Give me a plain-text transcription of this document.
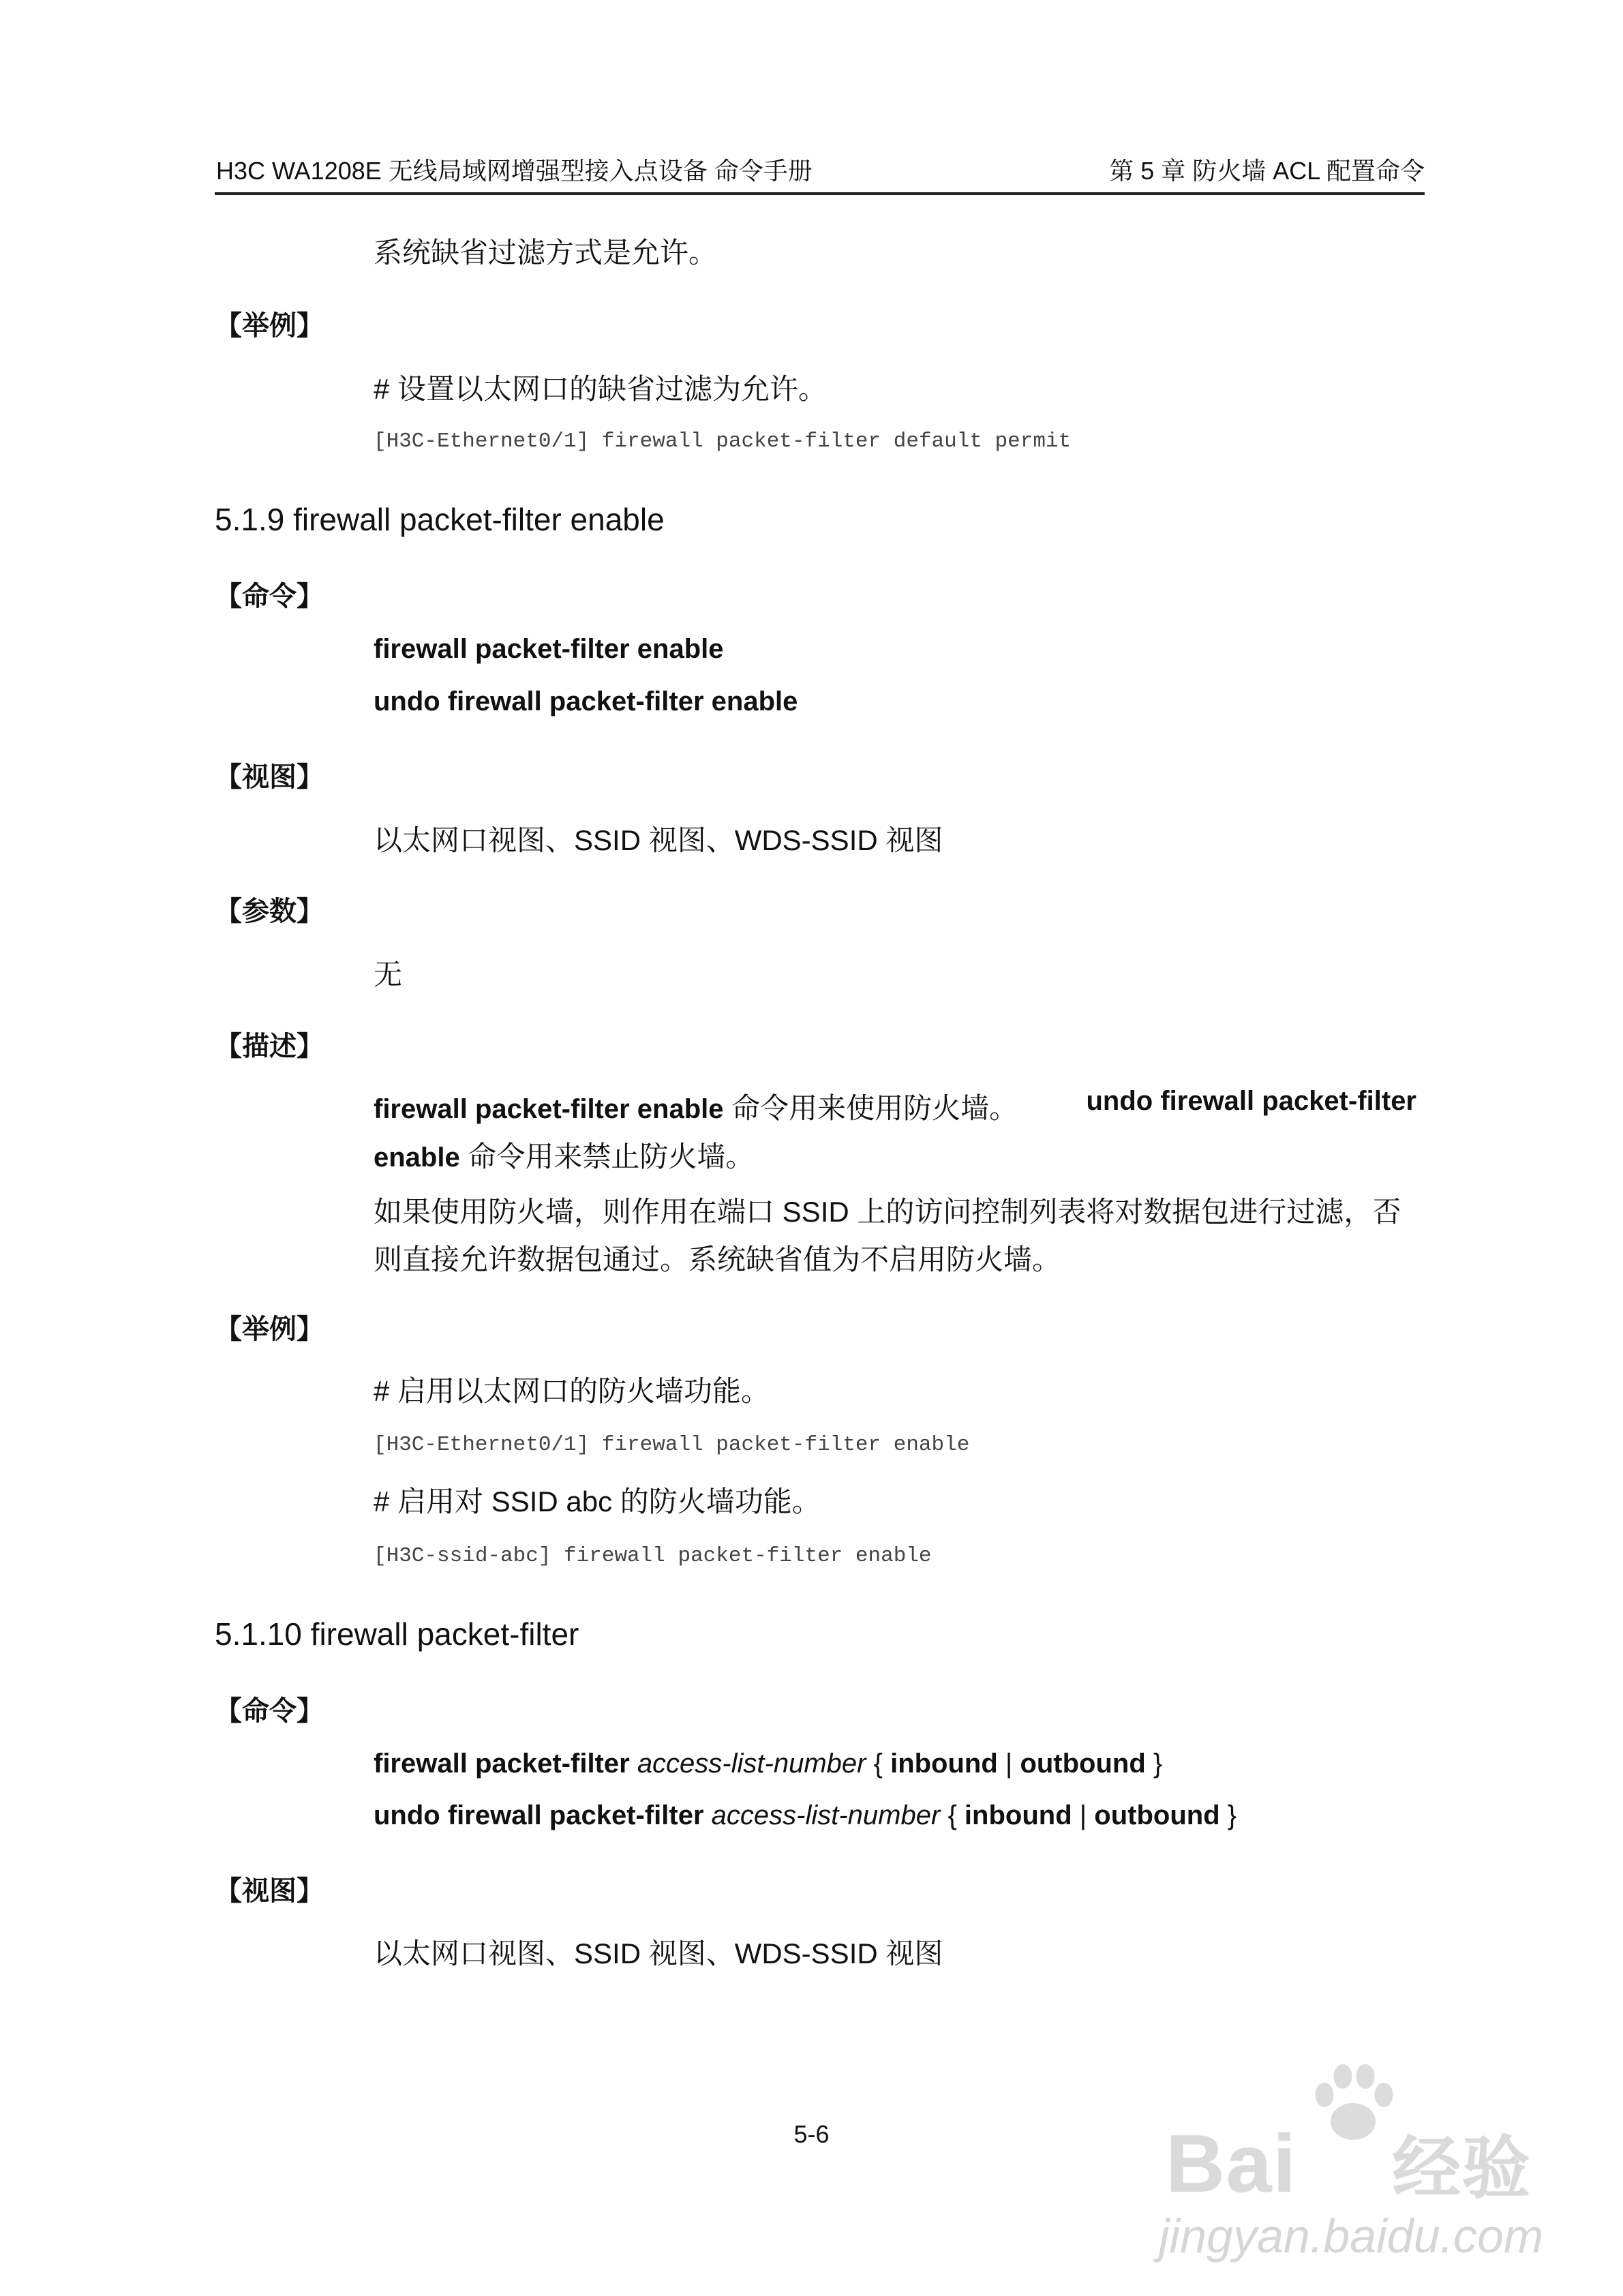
H3C WA1208E 无线局域网增强型接入点设备 命令手册	第 5 章 防火墙 ACL 配置命令
系统缺省过滤方式是允许。
【举例】
# 设置以太网口的缺省过滤为允许。
[H3C-Ethernet0/1] firewall packet-filter default permit
5.1.9 firewall packet-filter enable
【命令】
firewall packet-filter enable
undo firewall packet-filter enable
【视图】
以太网口视图、SSID 视图、WDS-SSID 视图
【参数】
无
【描述】
firewall packet-filter enable 命令用来使用防火墙。	undo firewall packet-filter
enable 命令用来禁止防火墙。
如果使用防火墙，则作用在端口 SSID 上的访问控制列表将对数据包进行过滤，否
则直接允许数据包通过。系统缺省值为不启用防火墙。
【举例】
# 启用以太网口的防火墙功能。
[H3C-Ethernet0/1] firewall packet-filter enable
# 启用对 SSID abc 的防火墙功能。
[H3C-ssid-abc] firewall packet-filter enable
5.1.10 firewall packet-filter
【命令】
firewall packet-filter access-list-number { inbound | outbound }
undo firewall packet-filter access-list-number { inbound | outbound }
【视图】
以太网口视图、SSID 视图、WDS-SSID 视图
5-6	Bai 经验
jingyan.baidu.com
